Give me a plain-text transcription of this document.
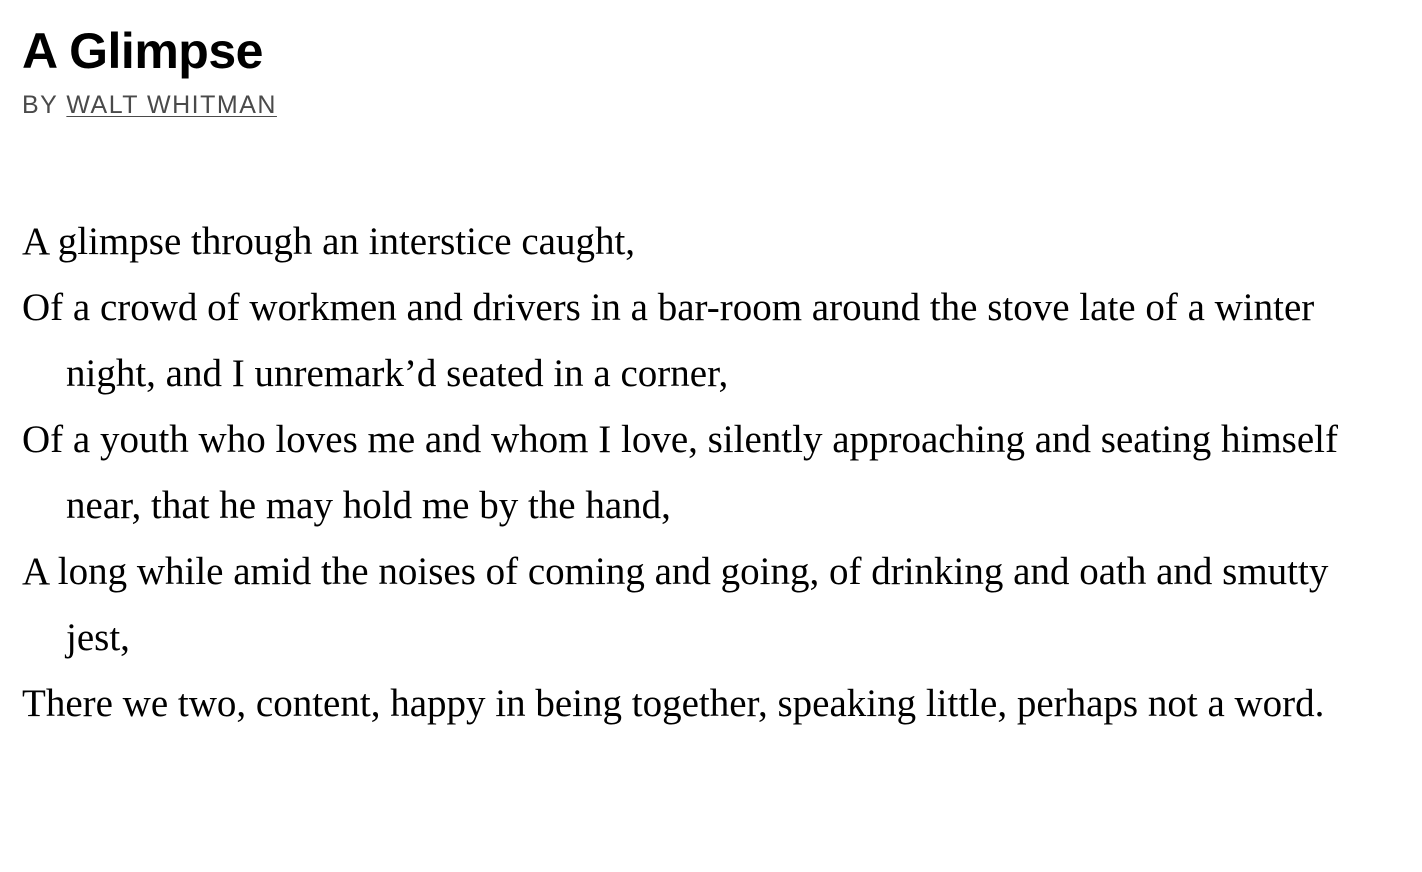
A Glimpse
BY WALT WHITMAN

A glimpse through an interstice caught,

Of a crowd of workmen and drivers in a bar-room around the stove late of a winter night, and I unremark’d seated in a corner,

Of a youth who loves me and whom I love, silently approaching and seating himself near, that he may hold me by the hand,

A long while amid the noises of coming and going, of drinking and oath and smutty jest,

There we two, content, happy in being together, speaking little, perhaps not a word.
